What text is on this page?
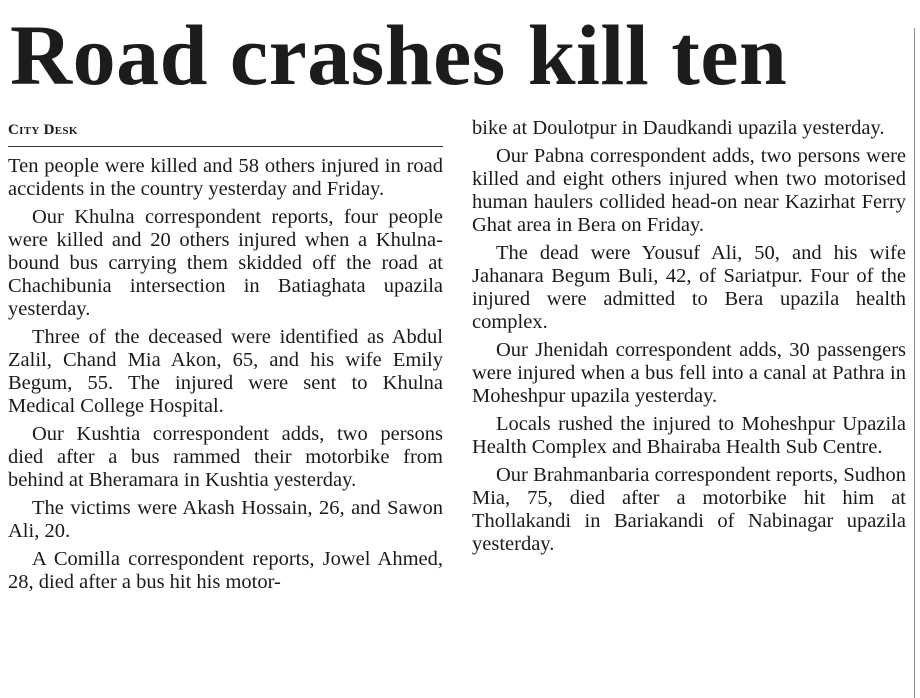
Road crashes kill ten
City Desk

Ten people were killed and 58 others injured in road accidents in the country yesterday and Friday.

Our Khulna correspondent reports, four people were killed and 20 others injured when a Khulna-bound bus carrying them skidded off the road at Chachibunia intersection in Batiaghata upazila yesterday.

Three of the deceased were identified as Abdul Zalil, Chand Mia Akon, 65, and his wife Emily Begum, 55. The injured were sent to Khulna Medical College Hospital.

Our Kushtia correspondent adds, two persons died after a bus rammed their motorbike from behind at Bheramara in Kushtia yesterday.

The victims were Akash Hossain, 26, and Sawon Ali, 20.

A Comilla correspondent reports, Jowel Ahmed, 28, died after a bus hit his motor-

bike at Doulotpur in Daudkandi upazila yesterday.

Our Pabna correspondent adds, two persons were killed and eight others injured when two motorised human haulers collided head-on near Kazirhat Ferry Ghat area in Bera on Friday.

The dead were Yousuf Ali, 50, and his wife Jahanara Begum Buli, 42, of Sariatpur. Four of the injured were admitted to Bera upazila health complex.

Our Jhenidah correspondent adds, 30 passengers were injured when a bus fell into a canal at Pathra in Moheshpur upazila yesterday.

Locals rushed the injured to Moheshpur Upazila Health Complex and Bhairaba Health Sub Centre.

Our Brahmanbaria correspondent reports, Sudhon Mia, 75, died after a motorbike hit him at Thollakandi in Bariakandi of Nabinagar upazila yesterday.
